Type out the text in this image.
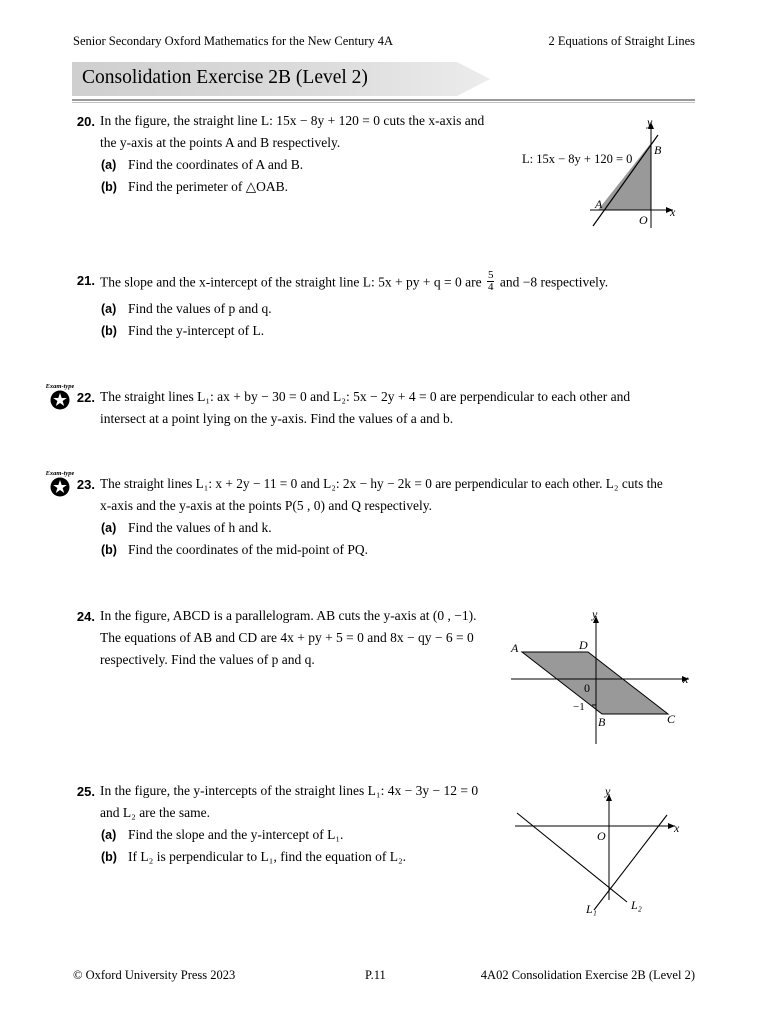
Senior Secondary Oxford Mathematics for the New Century 4A	2 Equations of Straight Lines
Consolidation Exercise 2B (Level 2)
20. In the figure, the straight line L: 15x − 8y + 120 = 0 cuts the x-axis and
the y-axis at the points A and B respectively.
(a) Find the coordinates of A and B.
(b) Find the perimeter of △OAB.
L: 15x − 8y + 120 = 0
y
x
A
B
O
21. The slope and the x-intercept of the straight line L: 5x + py + q = 0 are $\frac{5}{4}$ and −8 respectively.
(a) Find the values of p and q.
(b) Find the y-intercept of L.
Exam-type
22. The straight lines L₁: ax + by − 30 = 0 and L₂: 5x − 2y + 4 = 0 are perpendicular to each other and
intersect at a point lying on the y-axis. Find the values of a and b.
Exam-type
23. The straight lines L₁: x + 2y − 11 = 0 and L₂: 2x − hy − 2k = 0 are perpendicular to each other. L₂ cuts the
x-axis and the y-axis at the points P(5 , 0) and Q respectively.
(a) Find the values of h and k.
(b) Find the coordinates of the mid-point of PQ.
24. In the figure, ABCD is a parallelogram. AB cuts the y-axis at (0 , −1).
The equations of AB and CD are 4x + py + 5 = 0 and 8x − qy − 6 = 0
respectively. Find the values of p and q.
y
x
A
B	C
D
0
−1
25. In the figure, the y-intercepts of the straight lines L₁: 4x − 3y − 12 = 0
and L₂ are the same.
(a) Find the slope and the y-intercept of L₁.
(b) If L₂ is perpendicular to L₁, find the equation of L₂.
y
x
O
L₁	L₂
© Oxford University Press 2023	P.11	4A02 Consolidation Exercise 2B (Level 2)
